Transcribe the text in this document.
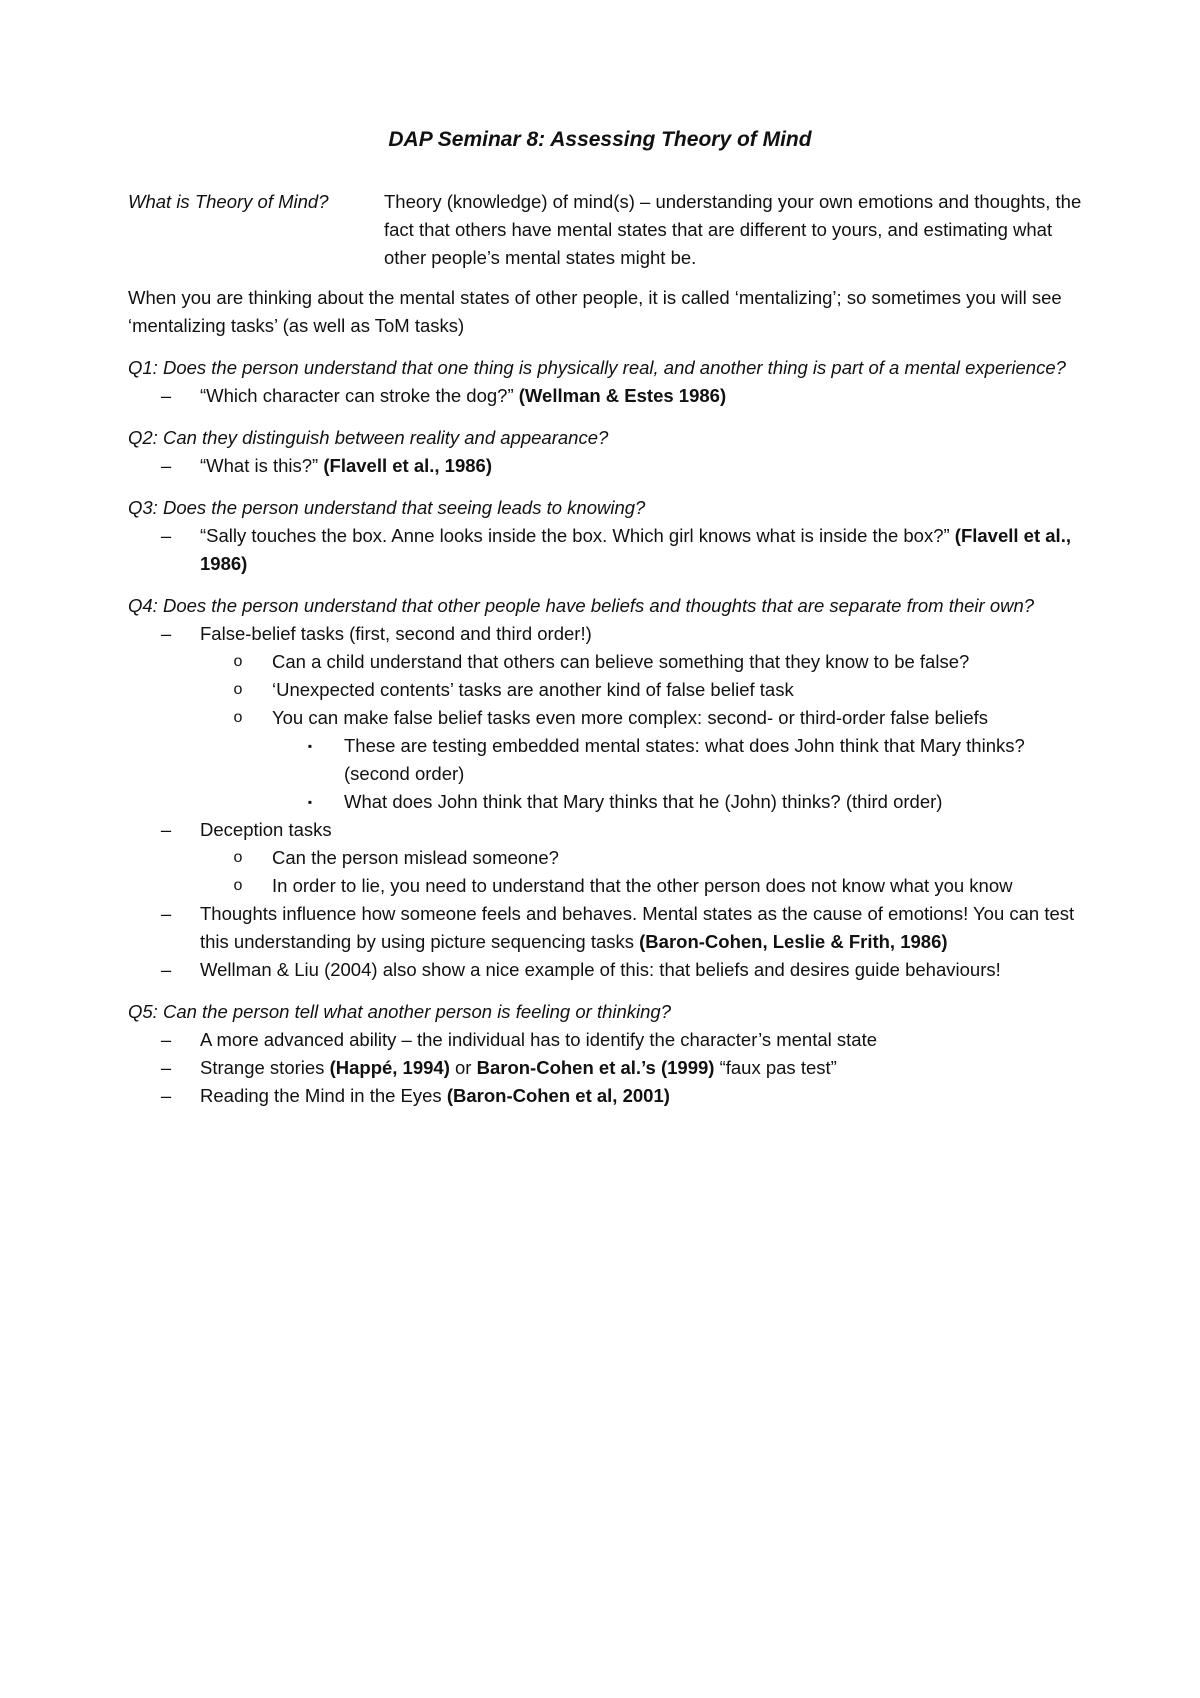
DAP Seminar 8: Assessing Theory of Mind
What is Theory of Mind?	Theory (knowledge) of mind(s) – understanding your own emotions and thoughts, the fact that others have mental states that are different to yours, and estimating what other people’s mental states might be.
When you are thinking about the mental states of other people, it is called ‘mentalizing’; so sometimes you will see ‘mentalizing tasks’ (as well as ToM tasks)
Q1: Does the person understand that one thing is physically real, and another thing is part of a mental experience?
– “Which character can stroke the dog?” (Wellman & Estes 1986)
Q2: Can they distinguish between reality and appearance?
– “What is this?” (Flavell et al., 1986)
Q3: Does the person understand that seeing leads to knowing?
– “Sally touches the box. Anne looks inside the box. Which girl knows what is inside the box?” (Flavell et al., 1986)
Q4: Does the person understand that other people have beliefs and thoughts that are separate from their own?
– False-belief tasks (first, second and third order!)
o Can a child understand that others can believe something that they know to be false?
o ‘Unexpected contents’ tasks are another kind of false belief task
o You can make false belief tasks even more complex: second- or third-order false beliefs
▪	These are testing embedded mental states: what does John think that Mary thinks? (second order)
▪	What does John think that Mary thinks that he (John) thinks? (third order)
– Deception tasks
o Can the person mislead someone?
o In order to lie, you need to understand that the other person does not know what you know
– Thoughts influence how someone feels and behaves. Mental states as the cause of emotions! You can test this understanding by using picture sequencing tasks (Baron-Cohen, Leslie & Frith, 1986)
– Wellman & Liu (2004) also show a nice example of this: that beliefs and desires guide behaviours!
Q5: Can the person tell what another person is feeling or thinking?
– A more advanced ability – the individual has to identify the character’s mental state
– Strange stories (Happé, 1994) or Baron-Cohen et al.’s (1999) “faux pas test”
– Reading the Mind in the Eyes (Baron-Cohen et al, 2001)
